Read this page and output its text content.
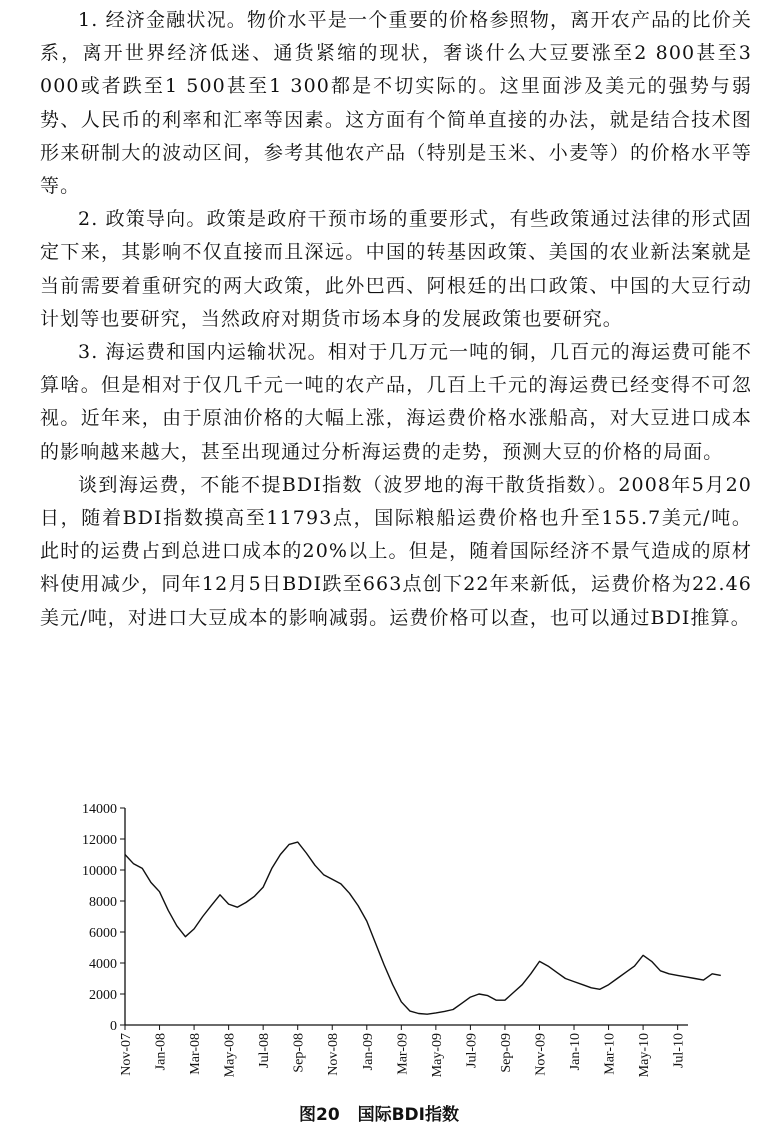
1. 经济金融状况。物价水平是一个重要的价格参照物，离开农产品的比价关系，离开世界经济低迷、通货紧缩的现状，奢谈什么大豆要涨至2 800甚至3 000或者跌至1 500甚至1 300都是不切实际的。这里面涉及美元的强势与弱势、人民币的利率和汇率等因素。这方面有个简单直接的办法，就是结合技术图形来研制大的波动区间，参考其他农产品（特别是玉米、小麦等）的价格水平等等。

2. 政策导向。政策是政府干预市场的重要形式，有些政策通过法律的形式固定下来，其影响不仅直接而且深远。中国的转基因政策、美国的农业新法案就是当前需要着重研究的两大政策，此外巴西、阿根廷的出口政策、中国的大豆行动计划等也要研究，当然政府对期货市场本身的发展政策也要研究。

3. 海运费和国内运输状况。相对于几万元一吨的铜，几百元的海运费可能不算啥。但是相对于仅几千元一吨的农产品，几百上千元的海运费已经变得不可忽视。近年来，由于原油价格的大幅上涨，海运费价格水涨船高，对大豆进口成本的影响越来越大，甚至出现通过分析海运费的走势，预测大豆的价格的局面。

谈到海运费，不能不提BDI指数（波罗地的海干散货指数）。2008年5月20日，随着BDI指数摸高至11793点，国际粮船运费价格也升至155.7美元/吨。此时的运费占到总进口成本的20%以上。但是，随着国际经济不景气造成的原材料使用减少，同年12月5日BDI跌至663点创下22年来新低，运费价格为22.46美元/吨，对进口大豆成本的影响减弱。运费价格可以查，也可以通过BDI推算。

0
2000
4000
6000
8000
10000
12000
14000
Nov-07 Jan-08 Mar-08 May-08 Jul-08 Sep-08 Nov-08 Jan-09 Mar-09 May-09 Jul-09 Sep-09 Nov-09 Jan-10 Mar-10 May-10 Jul-10
图20 国际BDI指数
